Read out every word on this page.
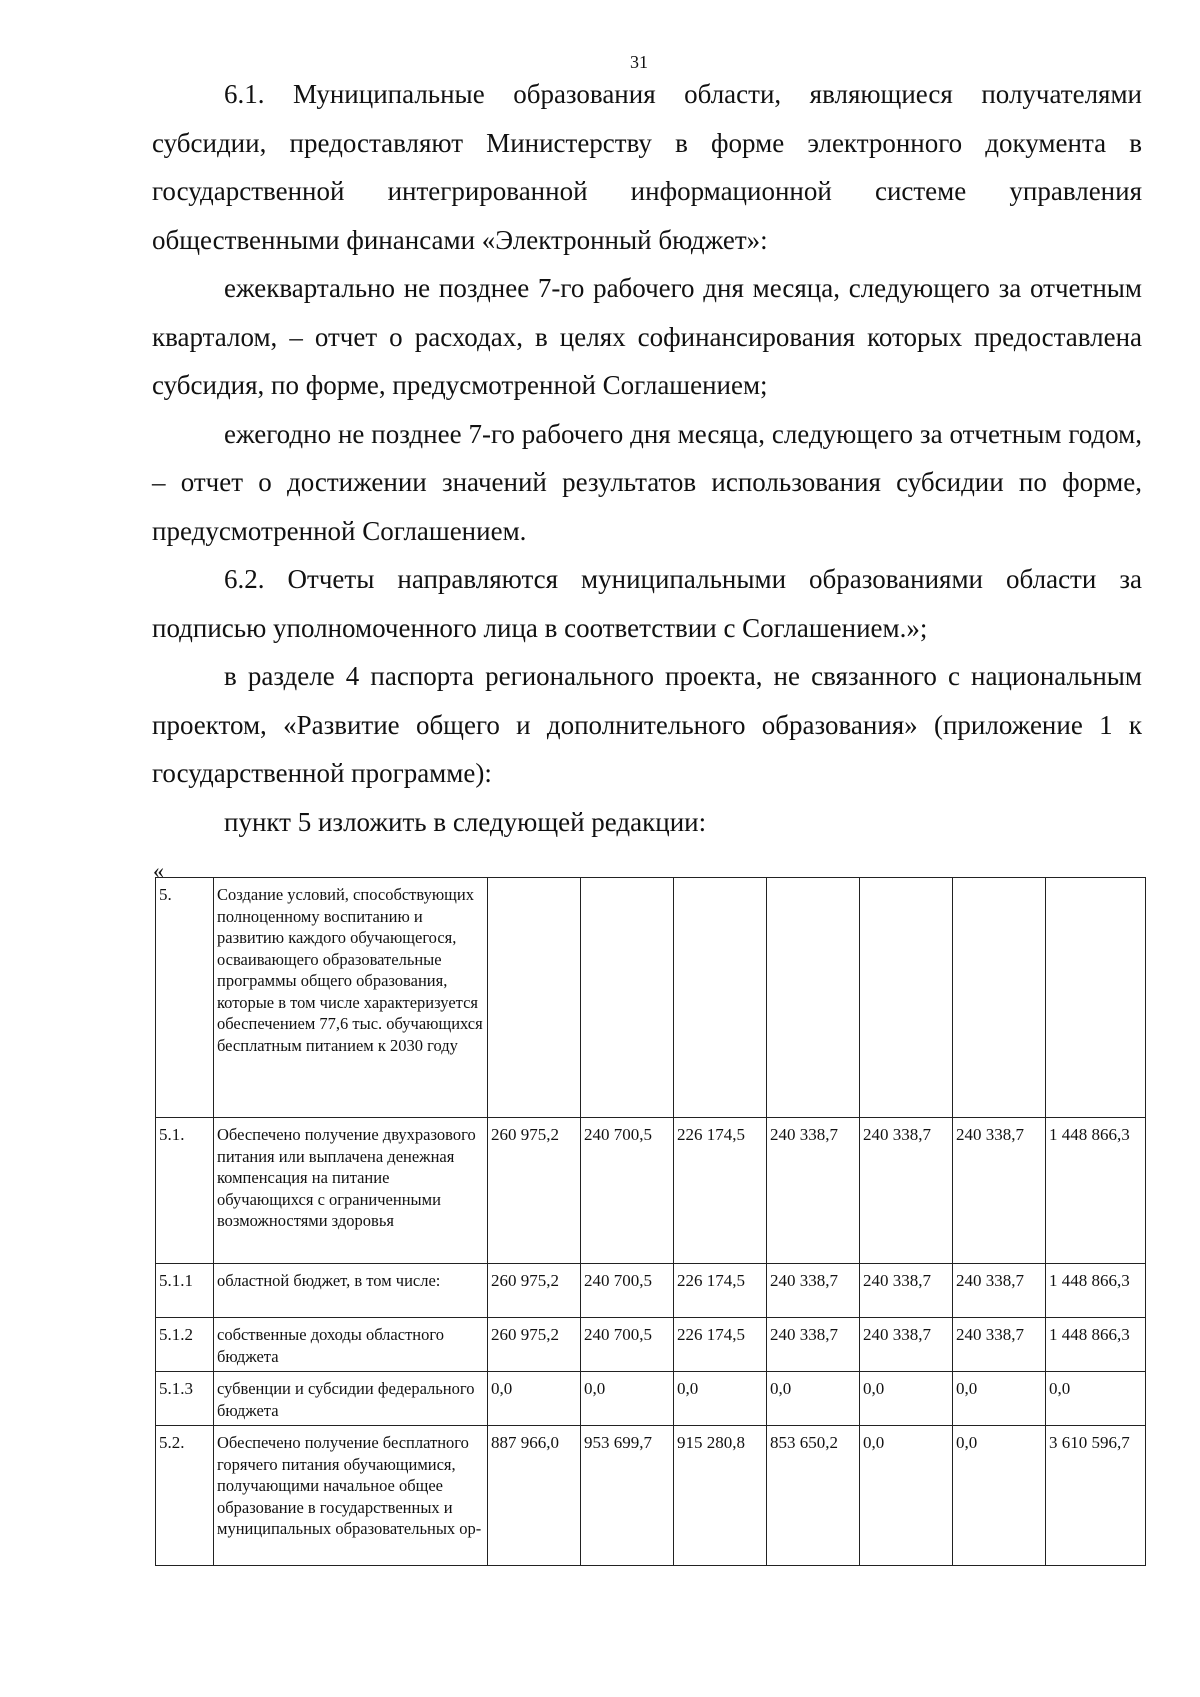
31

6.1. Муниципальные образования области, являющиеся получателями субсидии, предоставляют Министерству в форме электронного документа в государственной интегрированной информационной системе управления общественными финансами «Электронный бюджет»:

ежеквартально не позднее 7-го рабочего дня месяца, следующего за отчетным кварталом, – отчет о расходах, в целях софинансирования которых предоставлена субсидия, по форме, предусмотренной Соглашением;

ежегодно не позднее 7-го рабочего дня месяца, следующего за отчетным годом, – отчет о достижении значений результатов использования субсидии по форме, предусмотренной Соглашением.

6.2. Отчеты направляются муниципальными образованиями области за подписью уполномоченного лица в соответствии с Соглашением.»;

в разделе 4 паспорта регионального проекта, не связанного с национальным проектом, «Развитие общего и дополнительного образования» (приложение 1 к государственной программе):

пункт 5 изложить в следующей редакции:

«
5.	Создание условий, способствующих полноценному воспитанию и развитию каждого обучающегося, осваивающего образовательные программы общего образования, которые в том числе характеризуется обеспечением 77,6 тыс. обучающихся бесплатным питанием к 2030 году							
5.1.	Обеспечено получение двухразового питания или выплачена денежная компенсация на питание обучающихся с ограниченными возможностями здоровья	260 975,2	240 700,5	226 174,5	240 338,7	240 338,7	240 338,7	1 448 866,3
5.1.1	областной бюджет, в том числе:	260 975,2	240 700,5	226 174,5	240 338,7	240 338,7	240 338,7	1 448 866,3
5.1.2	собственные доходы областного бюджета	260 975,2	240 700,5	226 174,5	240 338,7	240 338,7	240 338,7	1 448 866,3
5.1.3	субвенции и субсидии федерального бюджета	0,0	0,0	0,0	0,0	0,0	0,0	0,0
5.2.	Обеспечено получение бесплатного горячего питания обучающимися, получающими начальное общее образование в государственных и муниципальных образовательных ор-	887 966,0	953 699,7	915 280,8	853 650,2	0,0	0,0	3 610 596,7
